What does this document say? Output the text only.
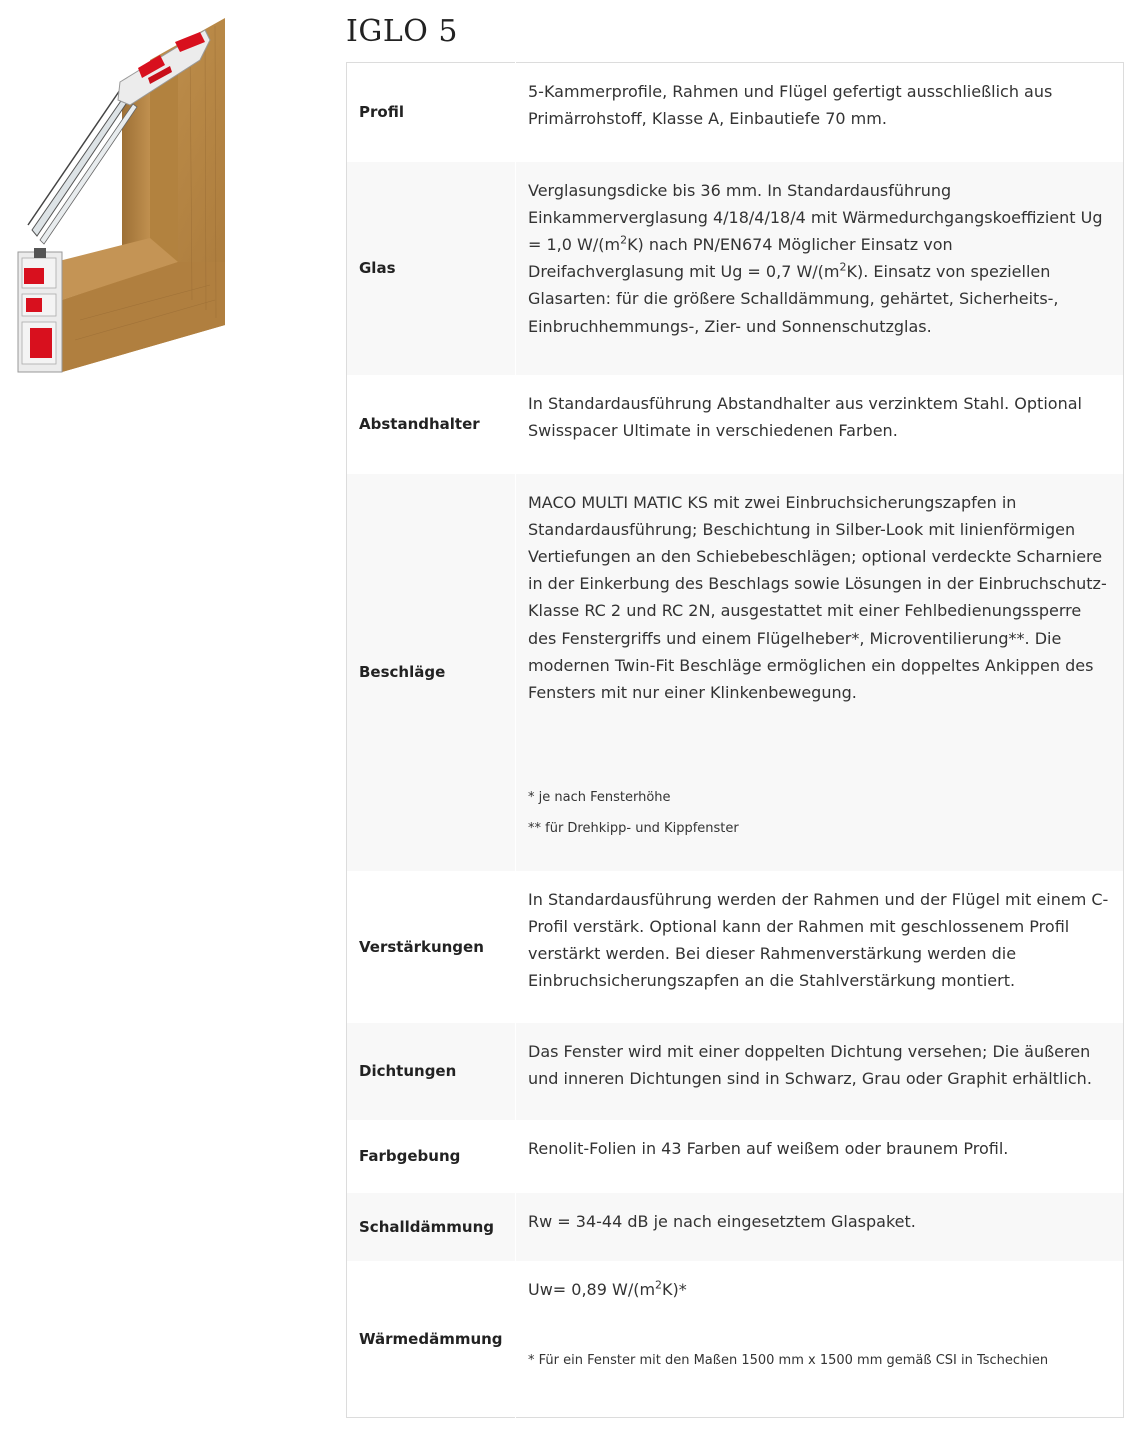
IGLO 5
Profil	5-Kammerprofile, Rahmen und Flügel gefertigt ausschließlich aus Primärrohstoff, Klasse A, Einbautiefe 70 mm.

Glas	Verglasungsdicke bis 36 mm. In Standardausführung Einkammerverglasung 4/18/4/18/4 mit Wärmedurchgangskoeffizient Ug = 1,0 $W/(m^2K)$ nach PN/EN674 Möglicher Einsatz von Dreifachverglasung mit Ug = 0,7 $W/(m^2K)$. Einsatz von speziellen Glasarten: für die größere Schalldämmung, gehärtet, Sicherheits-, Einbruchhemmungs-, Zier- und Sonnenschutzglas.

Abstandhalter	In Standardausführung Abstandhalter aus verzinktem Stahl. Optional Swisspacer Ultimate in verschiedenen Farben.

Beschläge	MACO MULTI MATIC KS mit zwei Einbruchsicherungszapfen in Standardausführung; Beschichtung in Silber-Look mit linienförmigen Vertiefungen an den Schiebebeschlägen; optional verdeckte Scharniere in der Einkerbung des Beschlags sowie Lösungen in der Einbruchschutz-Klasse RC 2 und RC 2N, ausgestattet mit einer Fehlbedienungssperre des Fenstergriffs und einem Flügelheber*, Microventilierung**. Die modernen Twin-Fit Beschläge ermöglichen ein doppeltes Ankippen des Fensters mit nur einer Klinkenbewegung.

* je nach Fensterhöhe

** für Drehkipp- und Kippfenster

Verstärkungen	In Standardausführung werden der Rahmen und der Flügel mit einem C-Profil verstärk. Optional kann der Rahmen mit geschlossenem Profil verstärkt werden. Bei dieser Rahmenverstärkung werden die Einbruchsicherungszapfen an die Stahlverstärkung montiert.

Dichtungen	Das Fenster wird mit einer doppelten Dichtung versehen; Die äußeren und inneren Dichtungen sind in Schwarz, Grau oder Graphit erhältlich.

Farbgebung	Renolit-Folien in 43 Farben auf weißem oder braunem Profil.

Schalldämmung	Rw = 34-44 dB je nach eingesetztem Glaspaket.

Wärmedämmung	Uw= 0,89 $W/(m^2K)*$

* Für ein Fenster mit den Maßen 1500 mm x 1500 mm gemäß CSI in Tschechien
